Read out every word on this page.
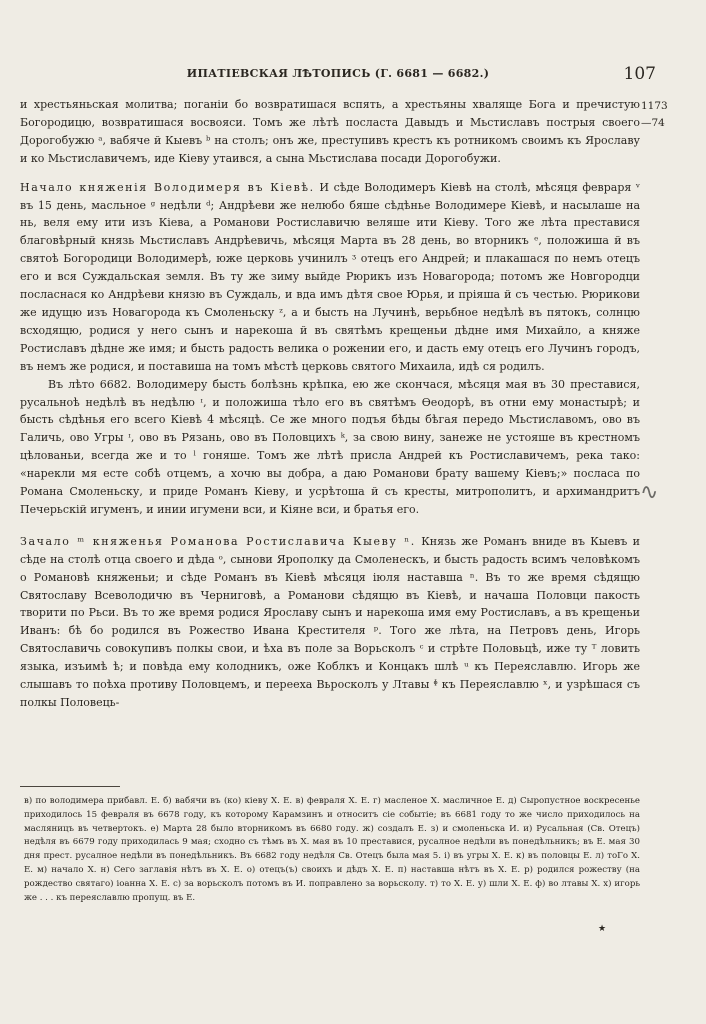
ИПАТІЕВСКАЯ ЛѢТОПИСЬ (Г. 6681 — 6682.)	107
1173
—74

и хрестьяньская молитва; поганіи бо возвратишася вспять, а хрестьяны хвалящe Бога и пречистую Богородицю, возвратишася восвояси. Томъ же лѣтѣ посласта Давыдъ и Мьстиславъ пострыя своего Дорогобужю ᵃ, вабяче й Кыевъ ᵇ на столъ; онъ же, преступивъ крестъ къ ротникомъ своимъ къ Ярославу и ко Мьстиславичемъ, иде Кіеву утаився, а сына Мьстислава посади Дорогобужи.

Начало княженія Володимеря въ Кіевѣ. И сѣде Володимеръ Кіевѣ на столѣ, мѣсяця февраря ᵛ въ 15 день, масльное ᵍ недѣли ᵈ; Андрѣеви же нелюбо бяше сѣдѣнье Володимере Кіевѣ, и насылаше на нь, веля ему ити изъ Кіева, а Романови Ростиславичю веляше ити Кіеву. Того же лѣта преставися благовѣрный князь Мьстиславъ Андрѣевичь, мѣсяця Марта въ 28 день, во вторникъ ᵉ, положиша й въ святоѣ Богородици Володимерѣ, юже церковь учинилъ ᶾ отецъ его Андрей; и плакашася по немъ отецъ его и вся Суждальская земля. Въ ту же зиму выйде Рюрикъ изъ Новагорода; потомъ же Новгородци посласнася ко Андрѣеви князю въ Суждаль, и вда имъ дѣтя свое Юрья, и пріяша й съ честью. Рюрикови же идущю изъ Новагорода къ Смоленьску ᶻ, а и бысть на Лучинѣ, верьбное недѣлѣ въ пятокъ, солнцю всходящю, родися у него сынъ и нарекоша й въ святѣмъ крещеньи дѣдне имя Михайло, а княже Ростиславъ дѣдне же имя; и бысть радость велика о рожении его, и дасть ему отецъ его Лучинъ городъ, въ немъ же родися, и поставиша на томъ мѣстѣ церковь святого Михаила, идѣ ся родилъ.

Въ лѣто 6682. Володимеру бысть болѣзнь крѣпка, ею же скончася, мѣсяця мая въ 30 преставися, русальноѣ недѣлѣ въ недѣлю ᶦ, и положиша тѣло его въ святѣмъ Ѳеодорѣ, въ отни ему монастырѣ; и бысть сѣдѣнья его всего Кіевѣ 4 мѣсяцѣ. Се же много подъя бѣды бѣгая передо Мьстиславомъ, ово въ Галичь, ово Угры ᶦ, ово въ Рязань, ово въ Половцихъ ᵏ, за свою вину, занеже не устояше въ крестномъ цѣлованьи, всегда же и то ˡ гоняше. Томъ же лѣтѣ присла Андрей къ Ростиславичемъ, река тако: «нарекли мя есте собѣ отцемъ, а хочю вы добра, а даю Романови брату вашему Кіевъ;» посласа по Романа Смоленьску, и приде Романъ Кіеву, и усрѣтоша й съ кресты, митрополитъ, и архимандритъ Печерьскій игуменъ, и инии игумени вси, и Кіяне вси, и братья его.

Зачало ᵐ княженья Романова Ростиславича Кыеву ⁿ. Князь же Романъ вниде въ Кыевъ и сѣде на столѣ отца своего и дѣда ᵒ, сынови Ярополку да Смоленескъ, и бысть радость всимъ человѣкомъ о Романовѣ княженьи; и сѣде Романъ въ Кіевѣ мѣсяця іюля наставша ⁿ. Въ то же время сѣдящю Святославу Всеволодичю въ Черниговѣ, а Романови сѣдящю въ Кіевѣ, и начаша Половци пакость творити по Рьси. Въ то же время родися Ярославу сынъ и нарекоша имя ему Ростиславъ, а въ крещеньи Иванъ: бѣ бо родился въ Рожество Ивана Крестителя ᵖ. Того же лѣта, на Петровъ день, Игорь Святославичь совокупивъ полкы свои, и ѣха въ поле за Ворьсколъ ᶜ и стрѣте Половьцѣ, иже ту ᵀ ловить языка, изъимѣ ѣ; и повѣда ему колодникъ, оже Коблкъ и Концакъ шлѣ ᵘ къ Переяславлю. Игорь же слышавъ то поѣха противу Половцемъ, и перееха Вьросколъ у Лтавы ᶲ къ Переяславлю ˣ, и узрѣшася съ полкы Половець-

∿

в) по володимера прибавл. Е. б) вабячи въ (ко) кіеву Х. Е. в) февраля Х. Е. г) масленое Х. масличное Е. д) Сыропустное воскресенье приходилось 15 февраля въ 6678 году, къ которому Карамзинъ и относитъ сіе событіе; въ 6681 году то же число приходилось на масляницъ въ четвертокъ. е) Марта 28 было вторникомъ въ 6680 году. ж) создалъ Е. з) и смоленьска И. и) Русальная (Св. Отецъ) недѣля въ 6679 году приходилась 9 мая; сходно съ тѣмъ въ Х. мая въ 10 преставися, русалное недѣли въ понедѣльникъ; въ Е. мая 30 дня прест. русалное недѣли въ понедѣльникъ. Въ 6682 году недѣля Св. Отецъ была мая 5. і) въ угры Х. Е. к) въ половцы Е. л) тоГо Х. Е. м) начало Х. н) Сего заглавія нѣтъ въ Х. Е. о) отецъ(ъ) своихъ и дѣдъ Х. Е. п) наставша нѣтъ въ Х. Е. р) родился рожеству (на рождество святаго) іоанна Х. Е. с) за ворьсколъ потомъ въ И. поправлено за ворьсколу. т) то Х. Е. у) шли Х. Е. ф) во лтавы Х. х) игорь же . . . къ переяславлю пропущ. въ Е.

★
